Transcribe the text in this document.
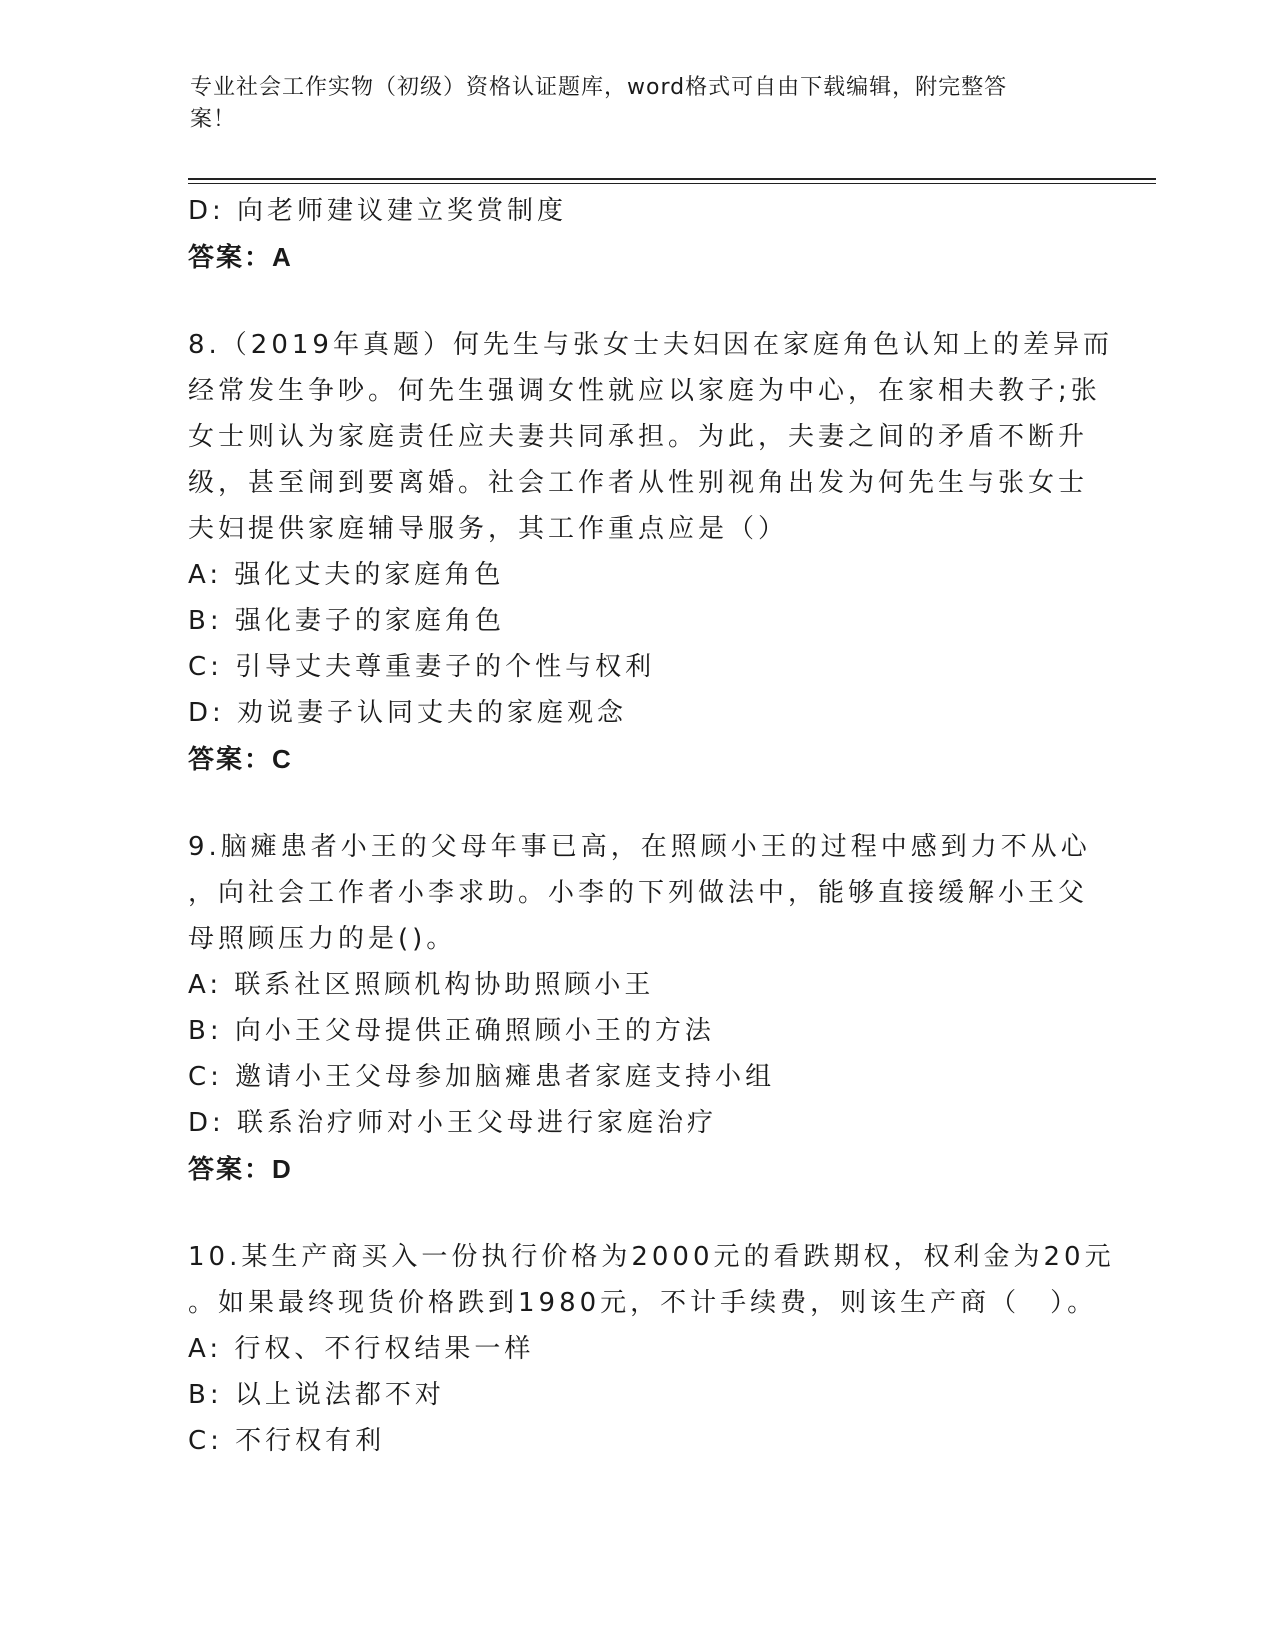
专业社会工作实物（初级）资格认证题库，word格式可自由下载编辑，附完整答
案！
D: 向老师建议建立奖赏制度
答案：A
8.（2019年真题）何先生与张女士夫妇因在家庭角色认知上的差异而
经常发生争吵。何先生强调女性就应以家庭为中心，在家相夫教子;张
女士则认为家庭责任应夫妻共同承担。为此，夫妻之间的矛盾不断升
级，甚至闹到要离婚。社会工作者从性别视角出发为何先生与张女士
夫妇提供家庭辅导服务，其工作重点应是（）
A: 强化丈夫的家庭角色
B: 强化妻子的家庭角色
C: 引导丈夫尊重妻子的个性与权利
D: 劝说妻子认同丈夫的家庭观念
答案：C
9.脑瘫患者小王的父母年事已高，在照顾小王的过程中感到力不从心
，向社会工作者小李求助。小李的下列做法中，能够直接缓解小王父
母照顾压力的是()。
A: 联系社区照顾机构协助照顾小王
B: 向小王父母提供正确照顾小王的方法
C: 邀请小王父母参加脑瘫患者家庭支持小组
D: 联系治疗师对小王父母进行家庭治疗
答案：D
10.某生产商买入一份执行价格为2000元的看跌期权，权利金为20元
。如果最终现货价格跌到1980元，不计手续费，则该生产商（　）。
A: 行权、不行权结果一样
B: 以上说法都不对
C: 不行权有利
